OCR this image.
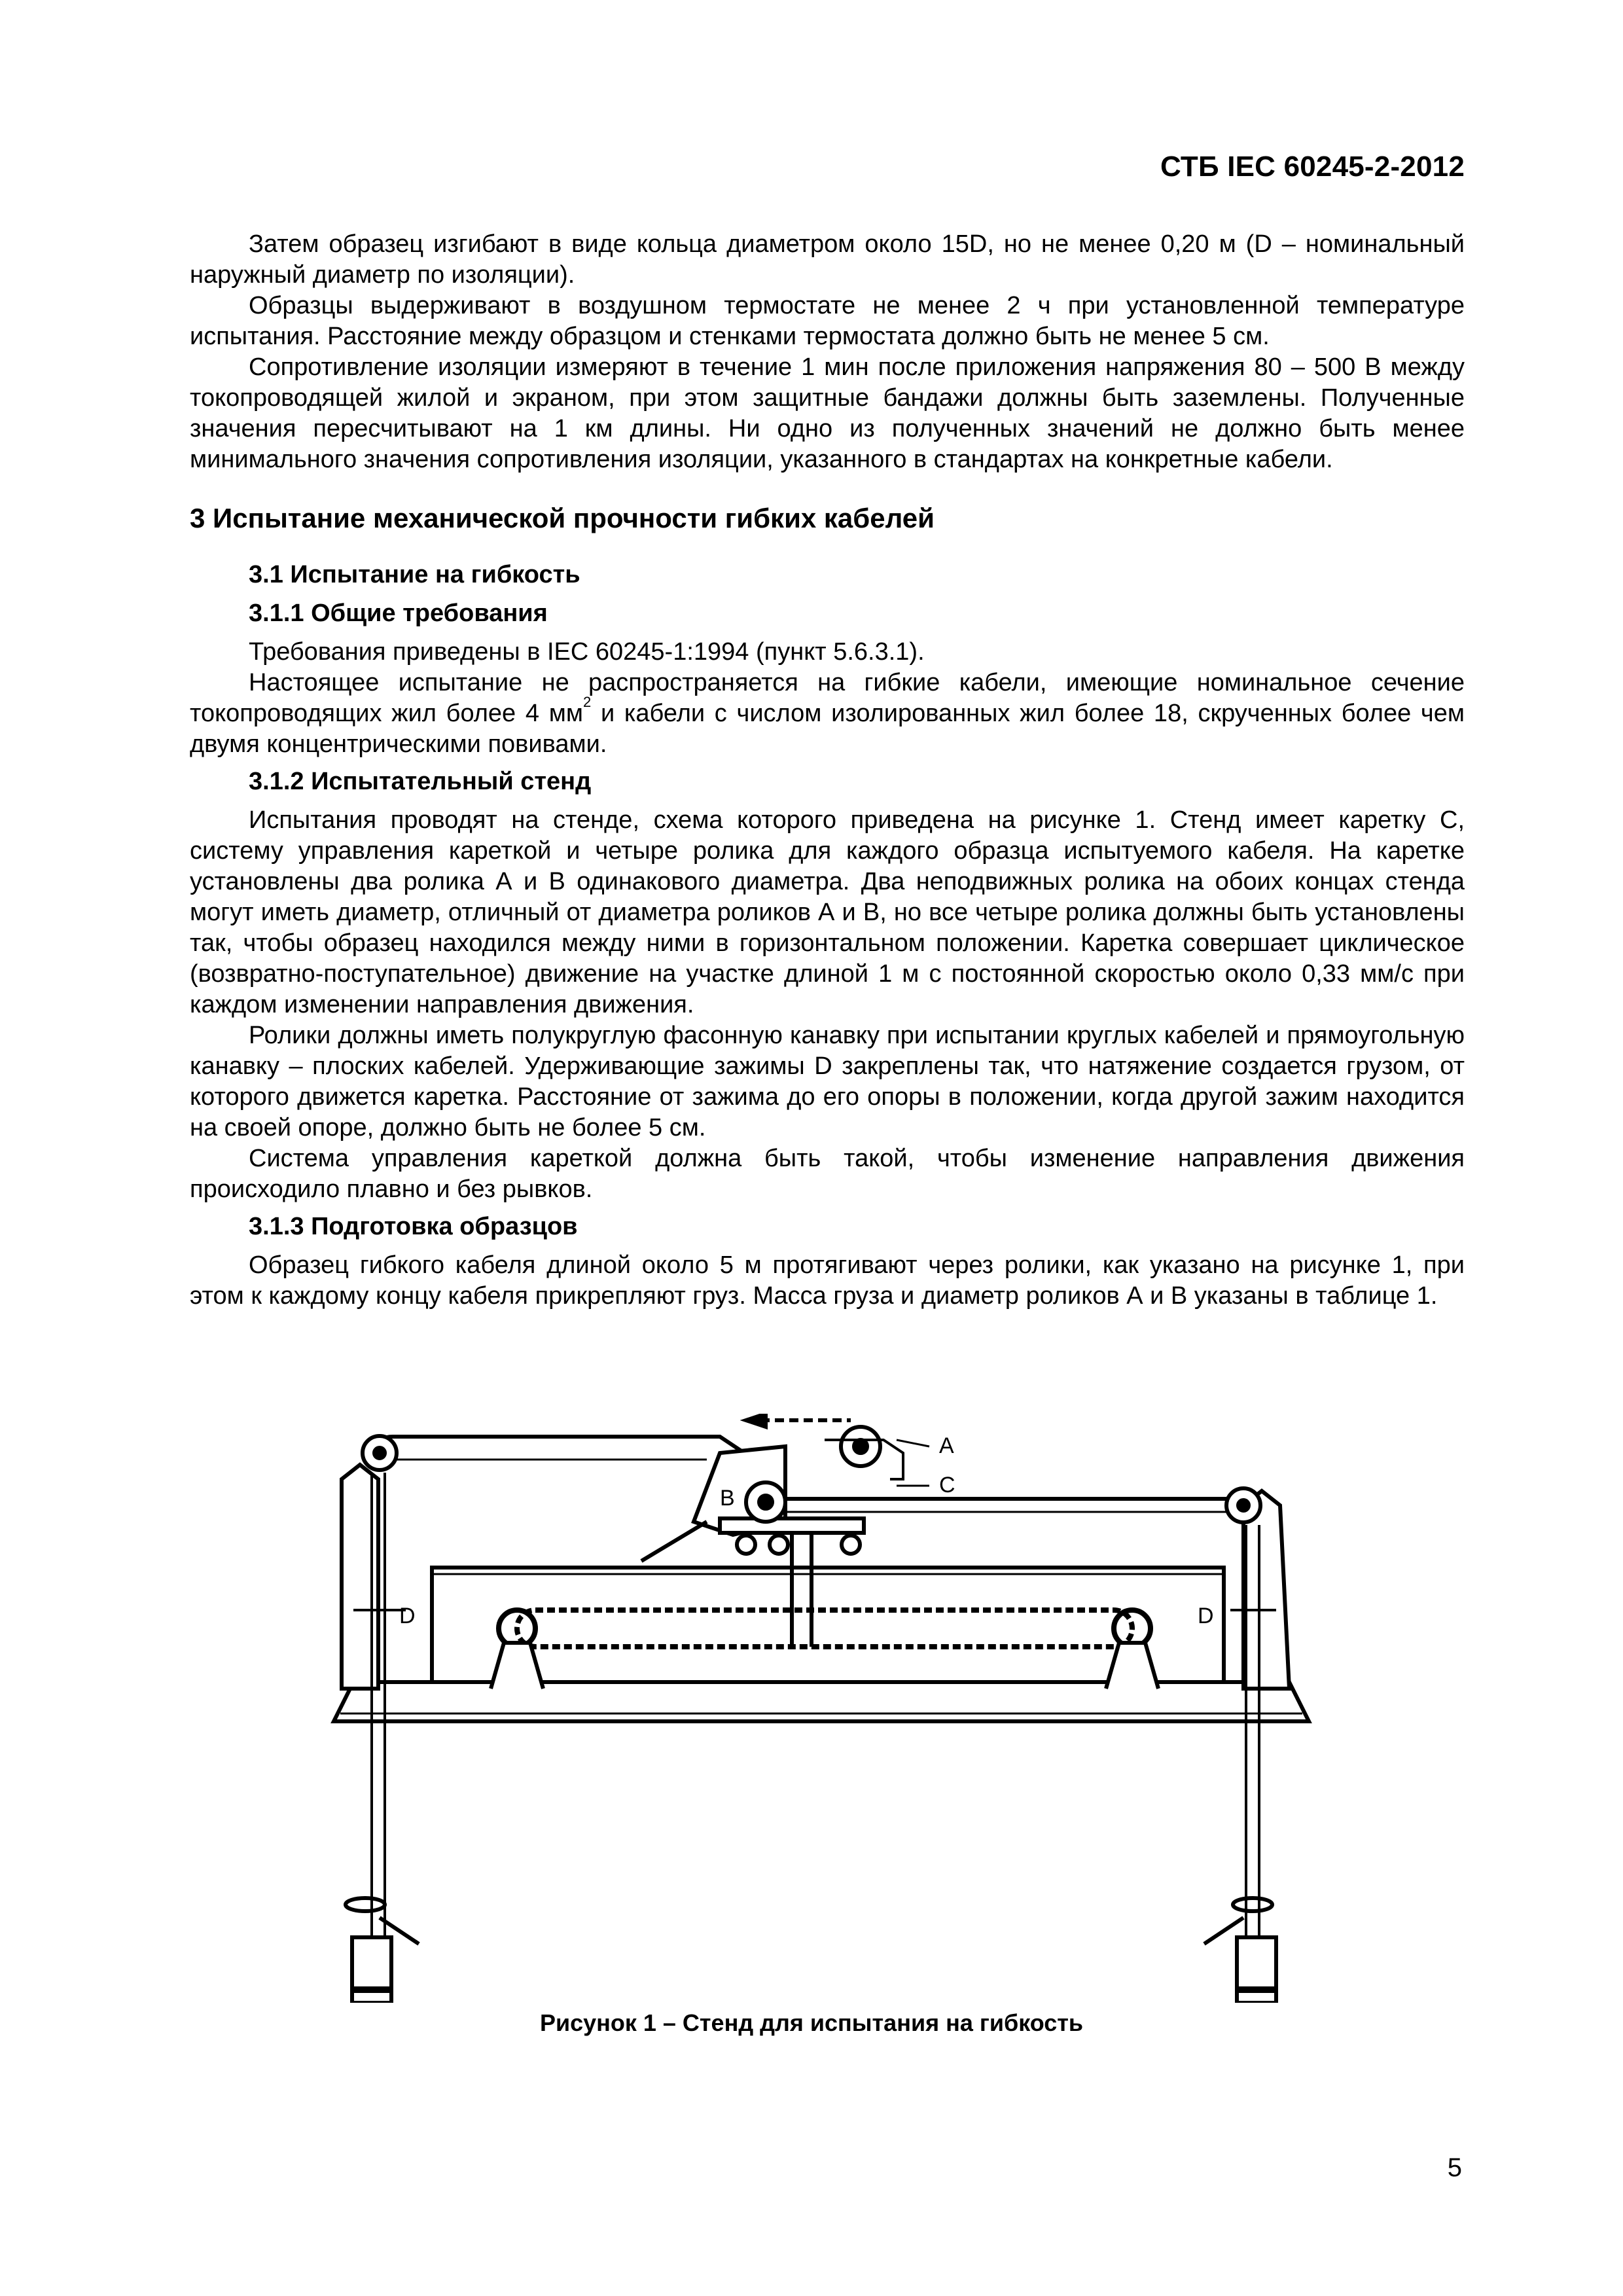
СТБ IEC 60245-2-2012

Затем образец изгибают в виде кольца диаметром около 15D, но не менее 0,20 м (D – номинальный наружный диаметр по изоляции).

Образцы выдерживают в воздушном термостате не менее 2 ч при установленной температуре испытания. Расстояние между образцом и стенками термостата должно быть не менее 5 см.

Сопротивление изоляции измеряют в течение 1 мин после приложения напряжения 80 – 500 В между токопроводящей жилой и экраном, при этом защитные бандажи должны быть заземлены. Полученные значения пересчитывают на 1 км длины. Ни одно из полученных значений не должно быть менее минимального значения сопротивления изоляции, указанного в стандартах на конкретные кабели.

3 Испытание механической прочности гибких кабелей
3.1 Испытание на гибкость
3.1.1 Общие требования

Требования приведены в IEC 60245-1:1994 (пункт 5.6.3.1).

Настоящее испытание не распространяется на гибкие кабели, имеющие номинальное сечение токопроводящих жил более 4 $мм^2$ и кабели с числом изолированных жил более 18, скрученных более чем двумя концентрическими повивами.

3.1.2 Испытательный стенд

Испытания проводят на стенде, схема которого приведена на рисунке 1. Стенд имеет каретку С, систему управления кареткой и четыре ролика для каждого образца испытуемого кабеля. На каретке установлены два ролика А и В одинакового диаметра. Два неподвижных ролика на обоих концах стенда могут иметь диаметр, отличный от диаметра роликов А и В, но все четыре ролика должны быть установлены так, чтобы образец находился между ними в горизонтальном положении. Каретка совершает циклическое (возвратно-поступательное) движение на участке длиной 1 м с постоянной скоростью около 0,33 мм/с при каждом изменении направления движения.

Ролики должны иметь полукруглую фасонную канавку при испытании круглых кабелей и прямоугольную канавку – плоских кабелей. Удерживающие зажимы D закреплены так, что натяжение создается грузом, от которого движется каретка. Расстояние от зажима до его опоры в положении, когда другой зажим находится на своей опоре, должно быть не более 5 см.

Система управления кареткой должна быть такой, чтобы изменение направления движения происходило плавно и без рывков.

3.1.3 Подготовка образцов

Образец гибкого кабеля длиной около 5 м протягивают через ролики, как указано на рисунке 1, при этом к каждому концу кабеля прикрепляют груз. Масса груза и диаметр роликов А и В указаны в таблице 1.

A
B
C
D	D
Рисунок 1 – Стенд для испытания на гибкость
5
